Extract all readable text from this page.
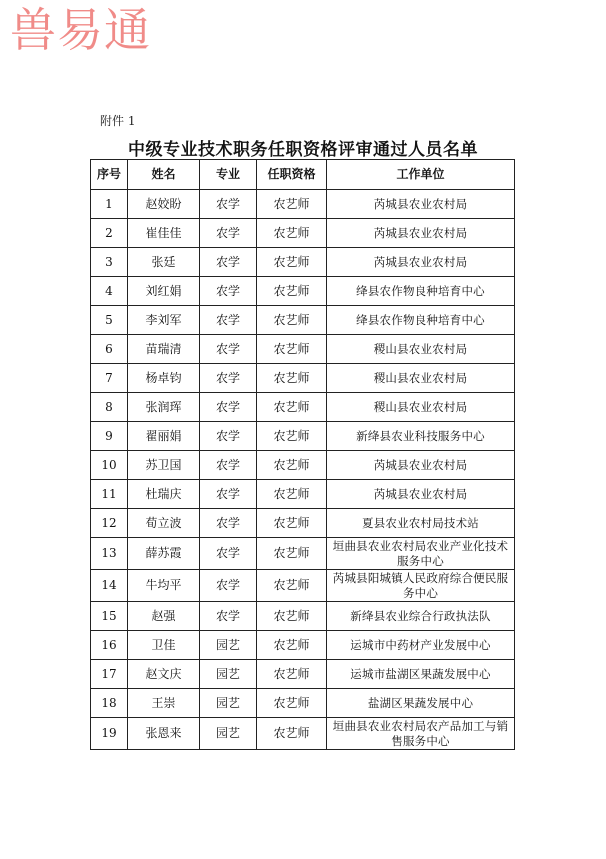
兽易通
附件 1
中级专业技术职务任职资格评审通过人员名单
序号	姓名	专业	任职资格	工作单位
1	赵姣盼	农学	农艺师	芮城县农业农村局
2	崔佳佳	农学	农艺师	芮城县农业农村局
3	张廷	农学	农艺师	芮城县农业农村局
4	刘红娟	农学	农艺师	绛县农作物良种培育中心
5	李刘军	农学	农艺师	绛县农作物良种培育中心
6	苗瑞清	农学	农艺师	稷山县农业农村局
7	杨卓钧	农学	农艺师	稷山县农业农村局
8	张润珲	农学	农艺师	稷山县农业农村局
9	翟丽娟	农学	农艺师	新绛县农业科技服务中心
10	苏卫国	农学	农艺师	芮城县农业农村局
11	杜瑞庆	农学	农艺师	芮城县农业农村局
12	荀立波	农学	农艺师	夏县农业农村局技术站
13	薛苏霞	农学	农艺师	垣曲县农业农村局农业产业化技术服务中心
14	牛均平	农学	农艺师	芮城县阳城镇人民政府综合便民服务中心
15	赵强	农学	农艺师	新绛县农业综合行政执法队
16	卫佳	园艺	农艺师	运城市中药材产业发展中心
17	赵文庆	园艺	农艺师	运城市盐湖区果蔬发展中心
18	王崇	园艺	农艺师	盐湖区果蔬发展中心
19	张恩来	园艺	农艺师	垣曲县农业农村局农产品加工与销售服务中心
